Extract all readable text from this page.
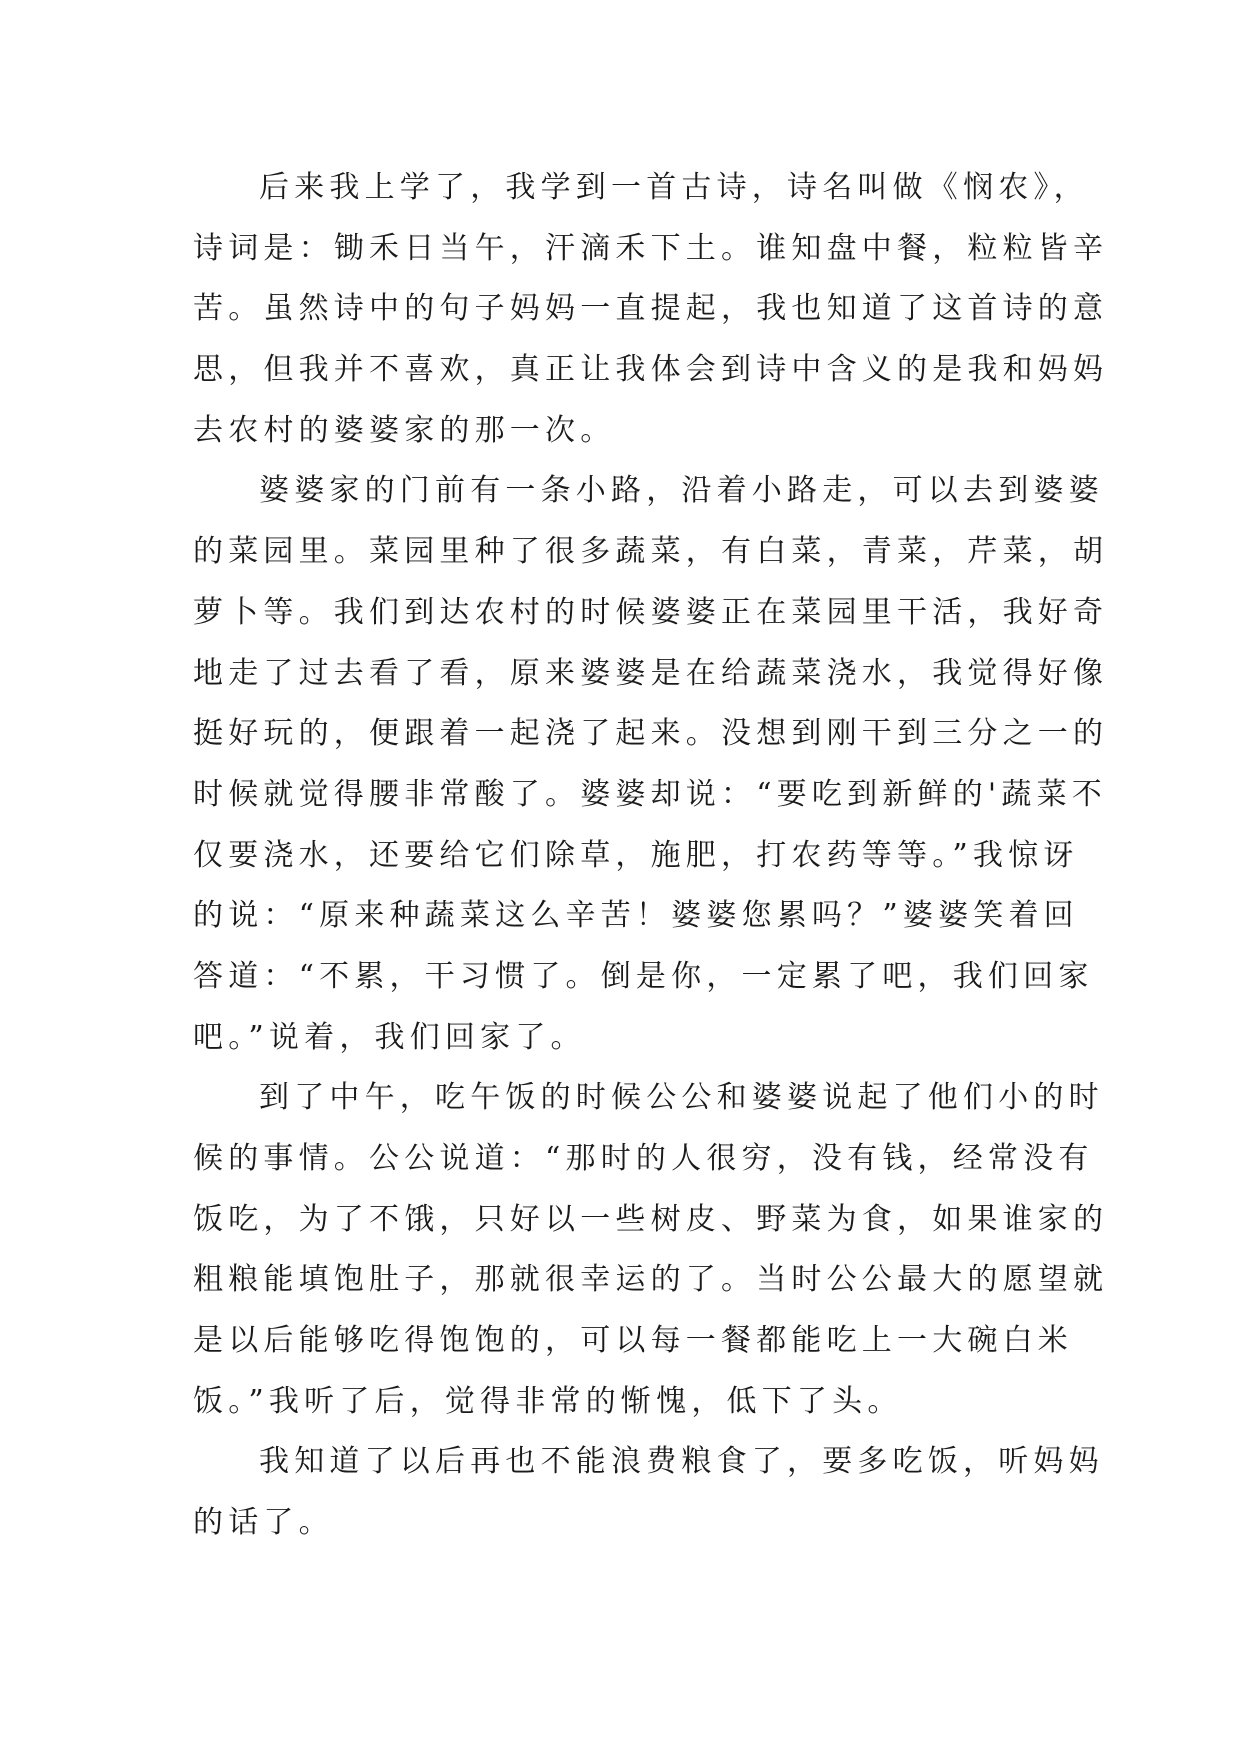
后来我上学了，我学到一首古诗，诗名叫做《悯农》，
诗词是：锄禾日当午，汗滴禾下土。谁知盘中餐，粒粒皆辛
苦。虽然诗中的句子妈妈一直提起，我也知道了这首诗的意
思，但我并不喜欢，真正让我体会到诗中含义的是我和妈妈
去农村的婆婆家的那一次。
婆婆家的门前有一条小路，沿着小路走，可以去到婆婆
的菜园里。菜园里种了很多蔬菜，有白菜，青菜，芹菜，胡
萝卜等。我们到达农村的时候婆婆正在菜园里干活，我好奇
地走了过去看了看，原来婆婆是在给蔬菜浇水，我觉得好像
挺好玩的，便跟着一起浇了起来。没想到刚干到三分之一的
时候就觉得腰非常酸了。婆婆却说：“要吃到新鲜的'蔬菜不
仅要浇水，还要给它们除草，施肥，打农药等等。”我惊讶
的说：“原来种蔬菜这么辛苦！婆婆您累吗？”婆婆笑着回
答道：“不累，干习惯了。倒是你，一定累了吧，我们回家
吧。”说着，我们回家了。
到了中午，吃午饭的时候公公和婆婆说起了他们小的时
候的事情。公公说道：“那时的人很穷，没有钱，经常没有
饭吃，为了不饿，只好以一些树皮、野菜为食，如果谁家的
粗粮能填饱肚子，那就很幸运的了。当时公公最大的愿望就
是以后能够吃得饱饱的，可以每一餐都能吃上一大碗白米
饭。”我听了后，觉得非常的惭愧，低下了头。
我知道了以后再也不能浪费粮食了，要多吃饭，听妈妈
的话了。
